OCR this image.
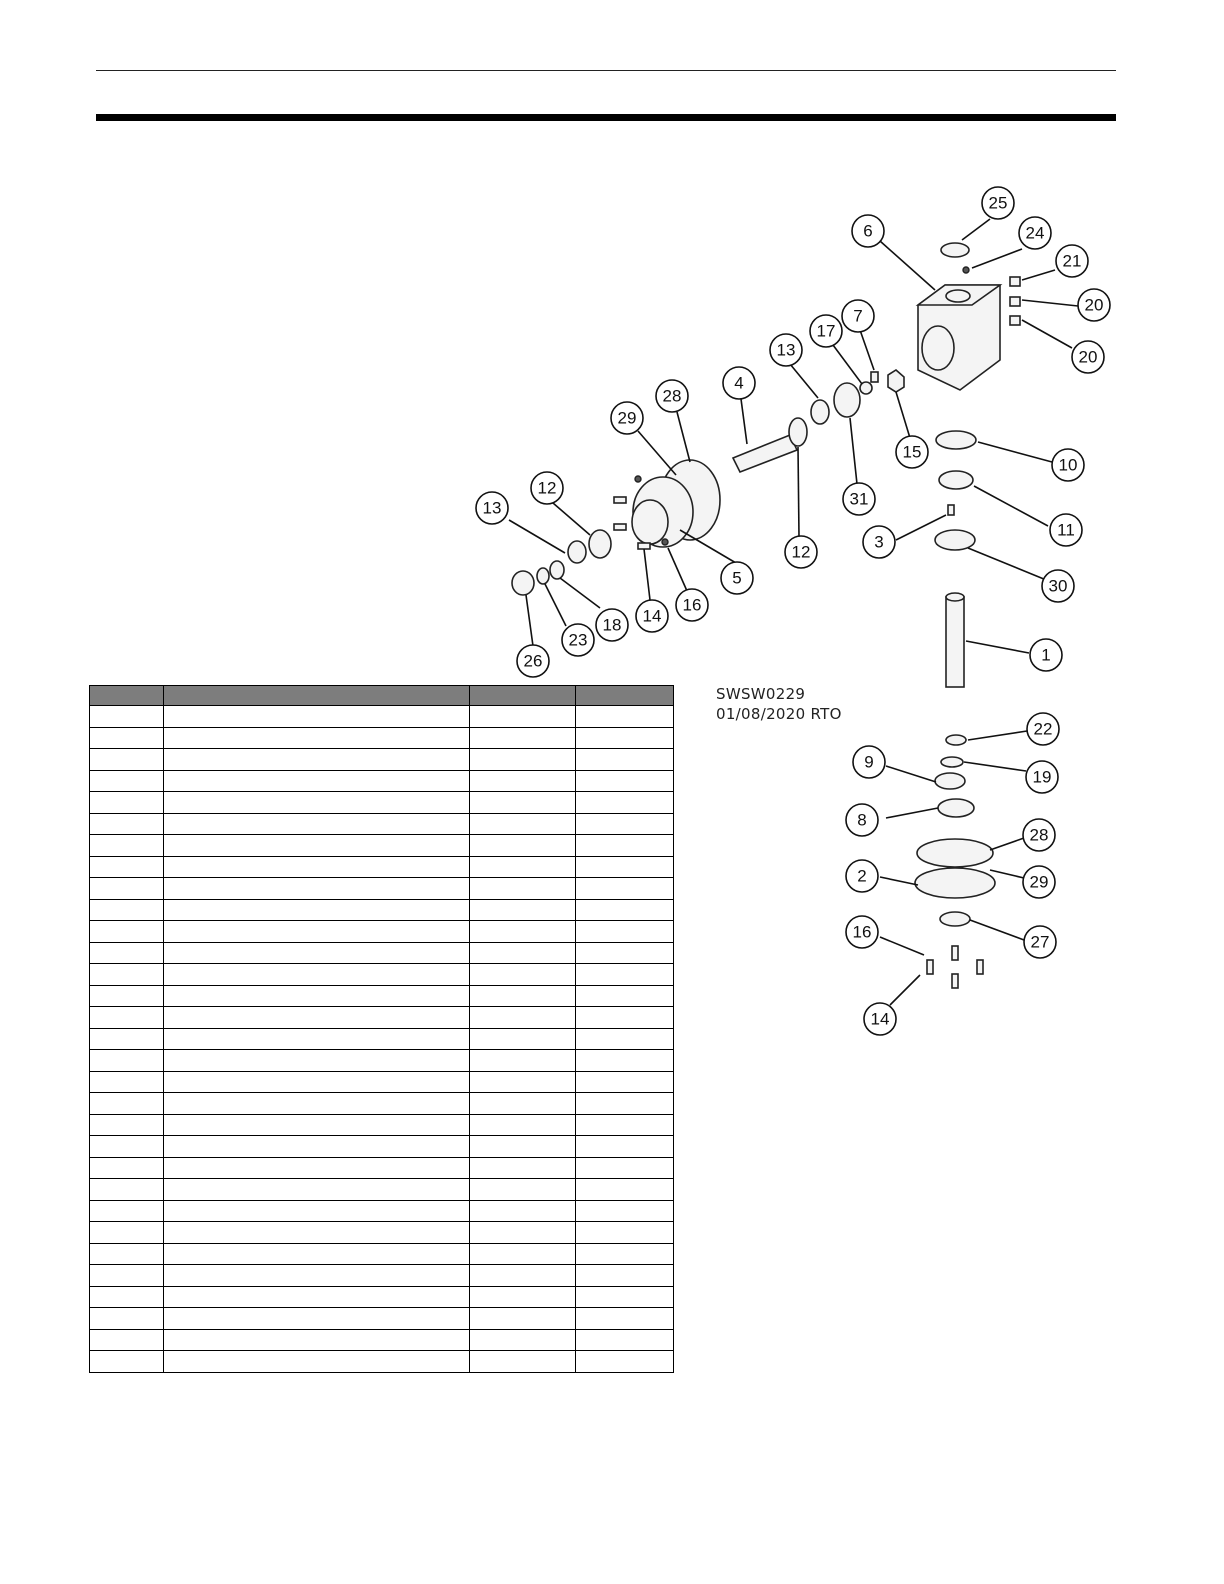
25
24
6
21
20
20
7
17
13
4
28
29
15
10
31
11
12
13
3
12
30
5
16
18 14
23
26	1
22
9
19
8
28
2	29
16
27
14
SWSW0229
01/08/2020 RTO
